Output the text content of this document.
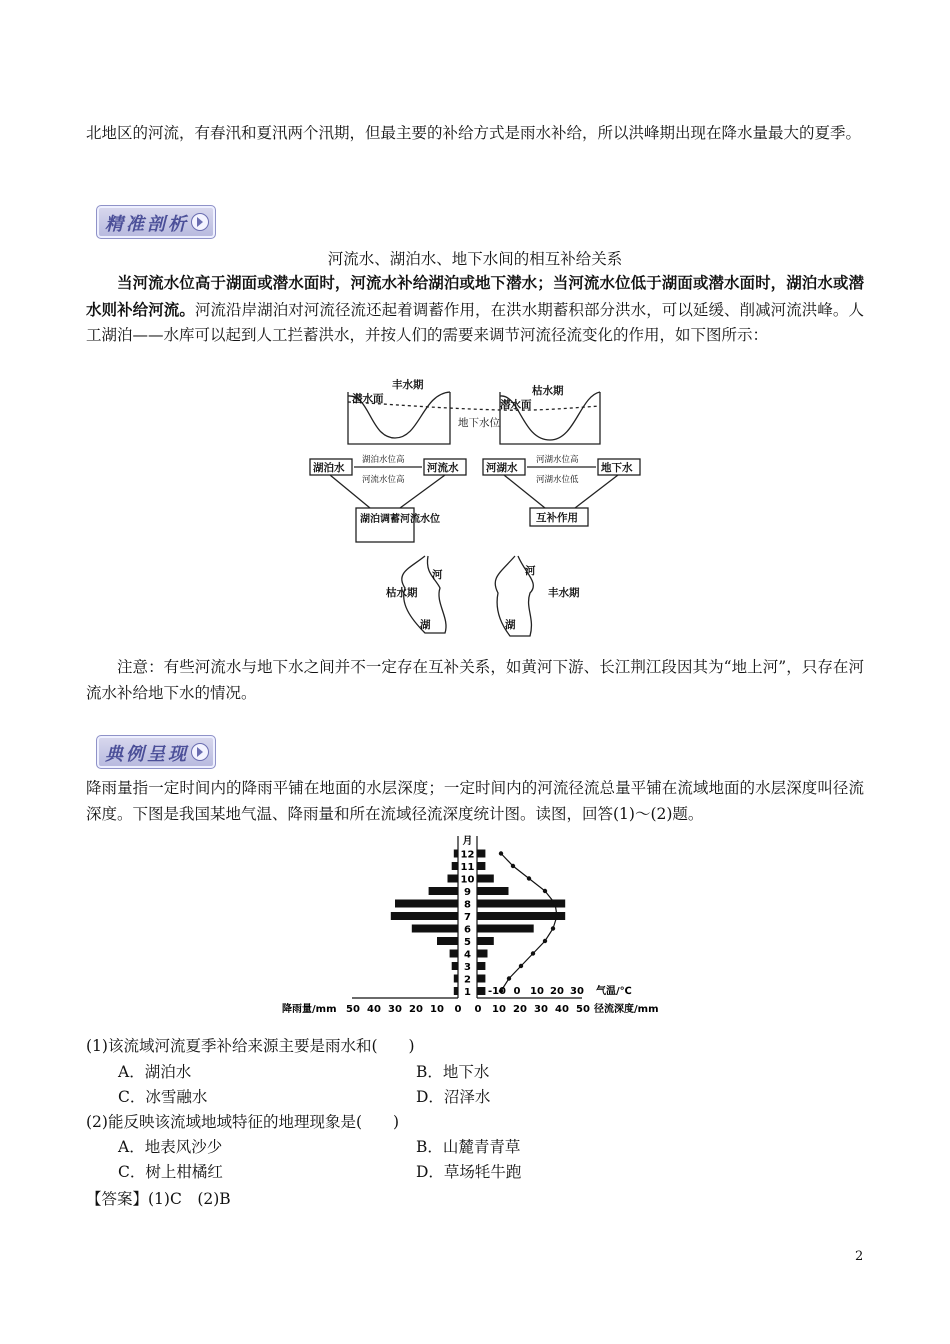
北地区的河流，有春汛和夏汛两个汛期，但最主要的补给方式是雨水补给，所以洪峰期出现在降水量最大的夏季。
精准剖析
河流水、湖泊水、地下水间的相互补给关系
当河流水位高于湖面或潜水面时，河流水补给湖泊或地下潜水；当河流水位低于湖面或潜水面时，湖泊水或潜水则补给河流。河流沿岸湖泊对河流径流还起着调蓄作用，在洪水期蓄积部分洪水，可以延缓、削减河流洪峰。人工湖泊——水库可以起到人工拦蓄洪水，并按人们的需要来调节河流径流变化的作用，如下图所示：
丰水期	枯水期
潜水面	潜水面
地下水位
湖泊水	河流水	河湖水	地下水
湖泊调蓄河流水位	互补作用
湖泊水位高
河流水位高
河湖水位高
河湖水位低
河	河
湖	湖
枯水期	丰水期
注意：有些河流水与地下水之间并不一定存在互补关系，如黄河下游、长江荆江段因其为“地上河”，只存在河流水补给地下水的情况。
典例呈现
降雨量指一定时间内的降雨平铺在地面的水层深度；一定时间内的河流径流总量平铺在流域地面的水层深度叫径流深度。下图是我国某地气温、降雨量和所在流域径流深度统计图。读图，回答(1)～(2)题。
1
2
3
4
5
6
7
8
9
10
11
12
月
50 40 30 20 10 0 0 10 20 30 40 50
-10 0 10 20 30
降雨量/mm	径流深度/mm
气温/℃
(1)该流域河流夏季补给来源主要是雨水和(　　)
A．湖泊水	B．地下水
C．冰雪融水	D．沼泽水
(2)能反映该流域地域特征的地理现象是(　　)
A．地表风沙少	B．山麓青青草
C．树上柑橘红	D．草场牦牛跑
【答案】(1)C　(2)B
2
